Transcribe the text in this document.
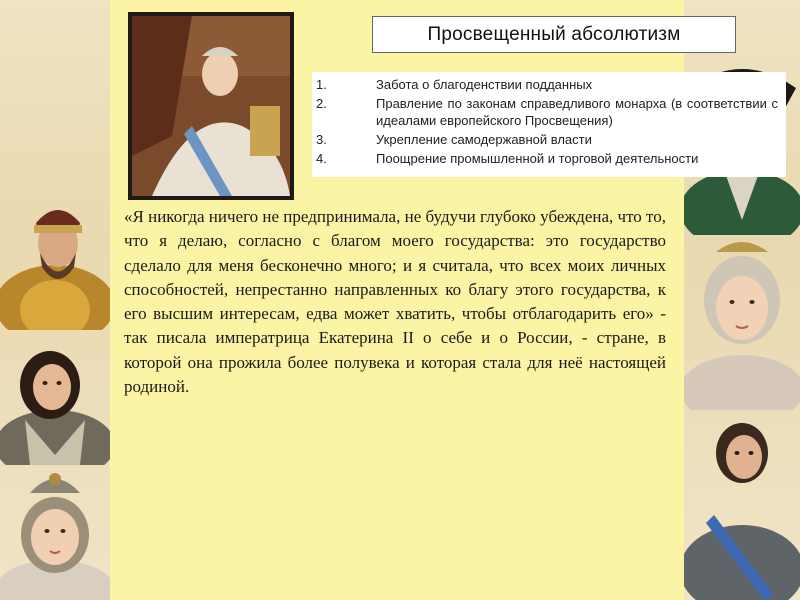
Просвещенный абсолютизм
1.	Забота о благоденствии подданных
2.	Правление по законам справедливого монарха (в соответствии с идеалами европейского Просвещения)
3.	Укрепление самодержавной власти
4.	Поощрение промышленной и торговой деятельности

«Я никогда ничего не предпринимала, не будучи глубоко убеждена, что то, что я делаю, согласно с благом моего государства: это государство сделало для меня бесконечно много; и я считала, что всех моих личных способностей, непрестанно направленных ко благу этого государства, к его высшим интересам, едва может хватить, чтобы отблагодарить его» - так писала императрица Екатерина II о себе и о России, - стране, в которой она прожила более полувека и которая стала для неё настоящей родиной.
